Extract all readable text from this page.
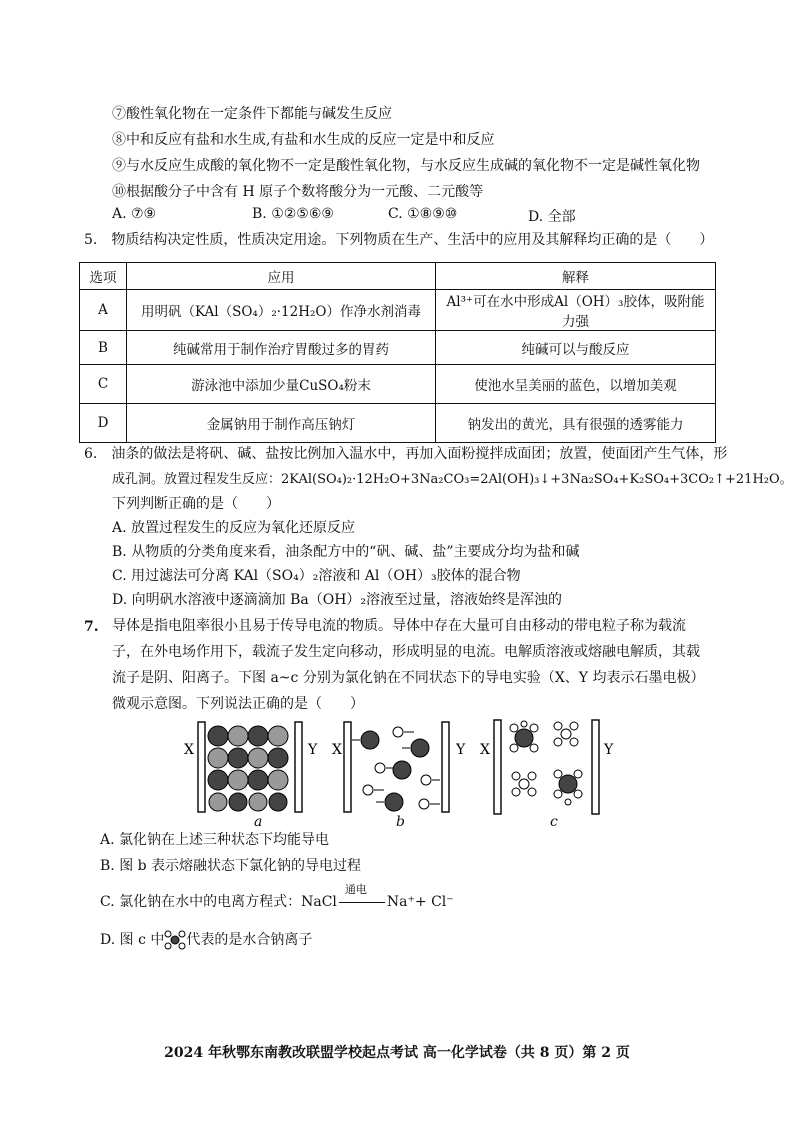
⑦酸性氧化物在一定条件下都能与碱发生反应
⑧中和反应有盐和水生成,有盐和水生成的反应一定是中和反应
⑨与水反应生成酸的氧化物不一定是酸性氧化物，与水反应生成碱的氧化物不一定是碱性氧化物
⑩根据酸分子中含有 H 原子个数将酸分为一元酸、二元酸等
A. ⑦⑨	B. ①②⑤⑥⑨	C. ①⑧⑨⑩	D. 全部
5.　物质结构决定性质，性质决定用途。下列物质在生产、生活中的应用及其解释均正确的是（　　）
选项	应用	解释
A	用明矾（KAl（SO₄）₂·12H₂O）作净水剂消毒	Al³⁺可在水中形成Al（OH）₃胶体，吸附能力强
B	纯碱常用于制作治疗胃酸过多的胃药	纯碱可以与酸反应
C	游泳池中添加少量CuSO₄粉末	使池水呈美丽的蓝色，以增加美观
D	金属钠用于制作高压钠灯	钠发出的黄光，具有很强的透雾能力
6.　油条的做法是将矾、碱、盐按比例加入温水中，再加入面粉搅拌成面团；放置，使面团产生气体，形
成孔洞。放置过程发生反应：2KAl(SO₄)₂·12H₂O+3Na₂CO₃=2Al(OH)₃↓+3Na₂SO₄+K₂SO₄+3CO₂↑+21H₂O。
下列判断正确的是（　　）
A. 放置过程发生的反应为氧化还原反应
B. 从物质的分类角度来看，油条配方中的“矾、碱、盐”主要成分均为盐和碱
C. 用过滤法可分离 KAl（SO₄）₂溶液和 Al（OH）₃胶体的混合物
D. 向明矾水溶液中逐滴滴加 Ba（OH）₂溶液至过量，溶液始终是浑浊的
7. 导体是指电阻率很小且易于传导电流的物质。导体中存在大量可自由移动的带电粒子称为载流子，在外电场作用下，载流子发生定向移动，形成明显的电流。电解质溶液或熔融电解质，其载流子是阴、阳离子。下图 a~c 分别为氯化钠在不同状态下的导电实验（X、Y 均表示石墨电极）微观示意图。下列说法正确的是（　　）
X	Y
a
X	Y
b
X	Y
c
A. 氯化钠在上述三种状态下均能导电
B. 图 b 表示熔融状态下氯化钠的导电过程
C. 氯化钠在水中的电离方程式：NaCl
通电
Na⁺+ Cl⁻
D. 图 c 中 代表的是水合钠离子
2024 年秋鄂东南教改联盟学校起点考试 高一化学试卷（共 8 页）第 2 页
